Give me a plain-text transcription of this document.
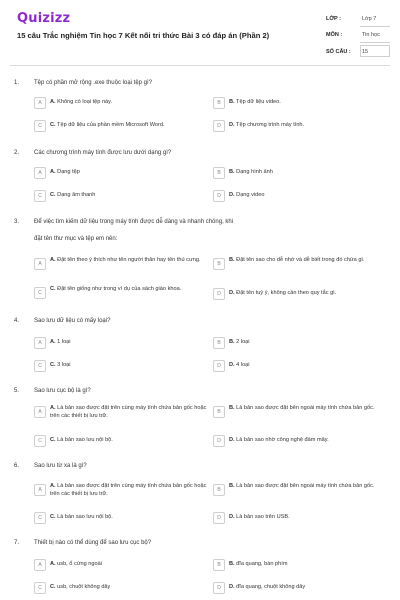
Quizizz
15 câu Trắc nghiệm Tin học 7 Kết nối tri thức Bài 3 có đáp án (Phần 2)
LỚP :	Lớp 7
MÔN :	Tin học
SỐ CÂU : 15
1. Tệp có phần mở rộng .exe thuộc loại tệp gì?
A	A. Không có loại tệp này.	B	B. Tệp dữ liệu video.
C	C. Tệp dữ liệu của phần mềm Microsoft Word.	D	D. Tệp chương trình máy tính.
2. Các chương trình máy tính được lưu dưới dạng gì?
A	A. Dạng tệp	B	B. Dạng hình ảnh
C	C. Dạng âm thanh	D	D. Dạng video
3. Để việc tìm kiếm dữ liệu trong máy tính được dễ dàng và nhanh chóng, khi
đặt tên thư mục và tệp em nên:
A
A. Đặt tên theo ý thích như tên người thân hay tên thú cưng.
B
B. Đặt tên sao cho dễ nhớ và dễ biết trong đó chứa gì.
C
C. Đặt tên giống như trong ví dụ của sách giáo khoa.
D	D. Đặt tên tuỳ ý, không cần theo quy tắc gì.
4. Sao lưu dữ liệu có mấy loại?
A	A. 1 loại	B	B. 2 loại
C	C. 3 loại	D	D. 4 loại
5. Sao lưu cục bộ là gì?
A
A. Là bản sao được đặt trên cùng máy tính chứa bản gốc hoặc trên các thiết bị lưu trữ.
B
B. Là bản sao được đặt bên ngoài máy tính chứa bản gốc.
C	C. Là bản sao lưu nội bộ.	D	D. Là bản sao nhờ công nghệ đám mây.
6. Sao lưu từ xa là gì?
A
A. Là bản sao được đặt trên cùng máy tính chứa bản gốc hoặc trên các thiết bị lưu trữ.
B
B. Là bản sao được đặt bên ngoài máy tính chứa bản gốc.
C	C. Là bản sao lưu nội bộ.	D	D. Là bản sao trên USB.
7. Thiết bị nào có thể dùng để sao lưu cục bộ?
A	A. usb, ổ cứng ngoài	B	B. đĩa quang, bàn phím
C	C. usb, chuột không dây	D	D. đĩa quang, chuột không dây
